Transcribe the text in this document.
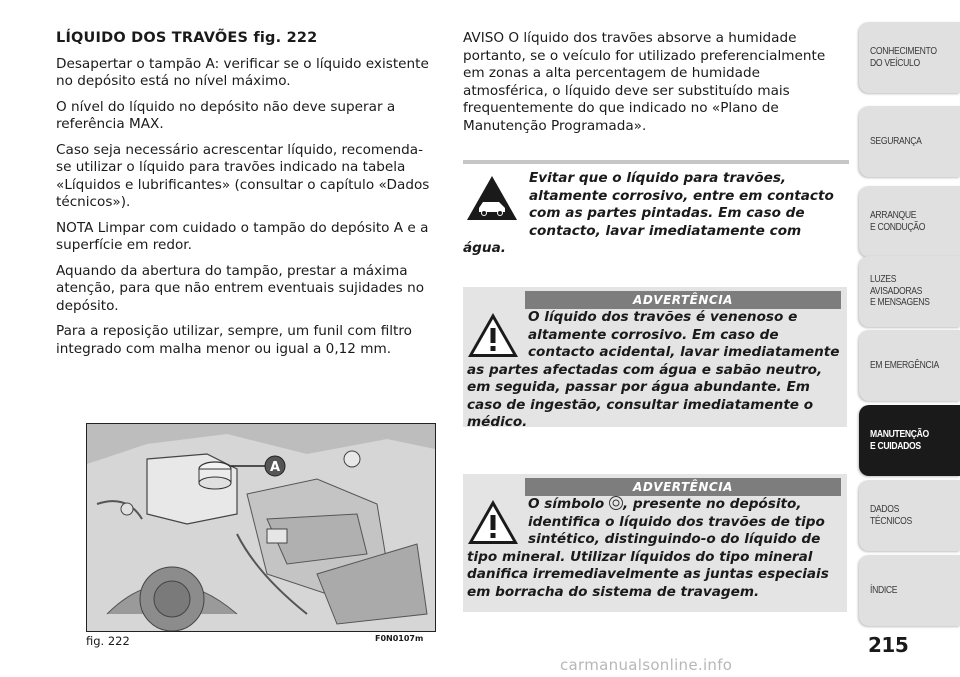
LÍQUIDO DOS TRAVÕES fig. 222

Desapertar o tampão A: verificar se o líquido existente no depósito está no nível máximo.

O nível do líquido no depósito não deve superar a referência MAX.

Caso seja necessário acrescentar líquido, recomenda-se utilizar o líquido para travões indicado na tabela «Líquidos e lubrificantes» (consultar o capítulo «Dados técnicos»).

NOTA Limpar com cuidado o tampão do depósito A e a superfície em redor.

Aquando da abertura do tampão, prestar a máxima atenção, para que não entrem eventuais sujidades no depósito.

Para a reposição utilizar, sempre, um funil com filtro integrado com malha menor ou igual a 0,12 mm.

A
fig. 222	F0N0107m
AVISO O líquido dos travões absorve a humidade portanto, se o veículo for utilizado preferencialmente em zonas a alta percentagem de humidade atmosférica, o líquido deve ser substituído mais frequentemente do que indicado no «Plano de Manutenção Programada».
Evitar que o líquido para travões, altamente corrosivo, entre em contacto com as partes pintadas. Em caso de contacto, lavar imediatamente com água.
ADVERTÊNCIA
O líquido dos travões é venenoso e altamente corrosivo. Em caso de contacto acidental, lavar imediatamente as partes afectadas com água e sabão neutro, em seguida, passar por água abundante. Em caso de ingestão, consultar imediatamente o médico.
ADVERTÊNCIA
O símbolo , presente no depósito, identifica o líquido dos travões de tipo sintético, distinguindo-o do líquido de tipo mineral. Utilizar líquidos do tipo mineral danifica irremediavelmente as juntas especiais em borracha do sistema de travagem.
CONHECIMENTO
DO VEÍCULO
SEGURANÇA
ARRANQUE
E CONDUÇÃO
LUZES
AVISADORAS
E MENSAGENS
EM EMERGÊNCIA
MANUTENÇÃO
E CUIDADOS
DADOS
TÉCNICOS
ÍNDICE
215
carmanualsonline.info
